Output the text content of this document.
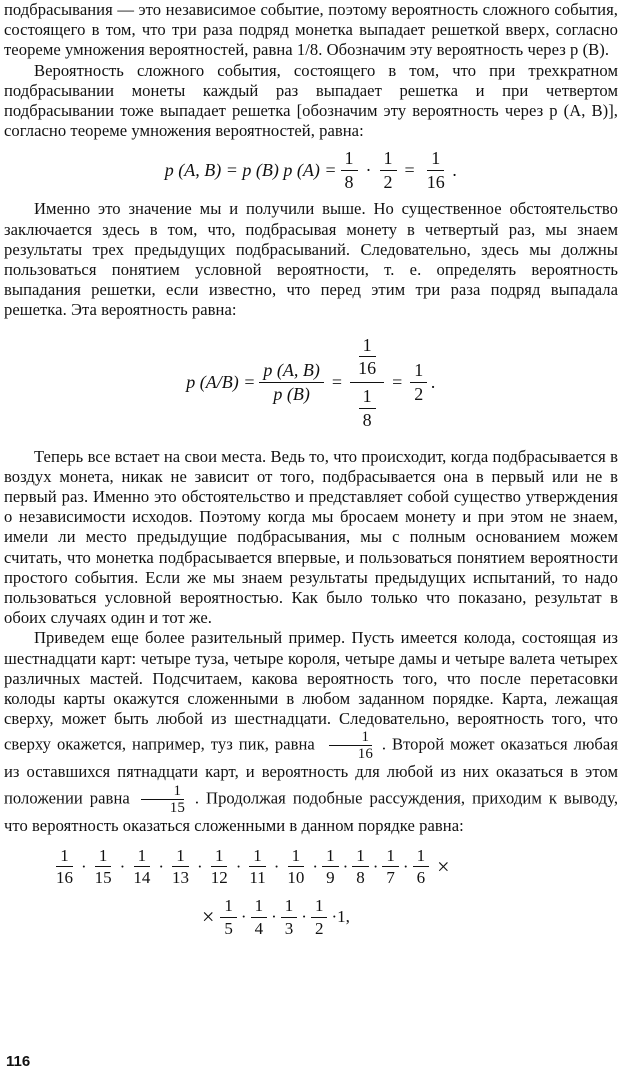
подбрасывания — это независимое событие, поэтому вероятность сложного события, состоящего в том, что три раза подряд монетка выпадает решеткой вверх, согласно теореме умножения вероятностей, равна 1/8. Обозначим эту вероятность через p (B).

Вероятность сложного события, состоящего в том, что при трехкратном подбрасывании монеты каждый раз выпадает решетка и при четвертом подбрасывании тоже выпадает решетка [обозначим эту вероятность через p (A, B)], согласно теореме умножения вероятностей, равна:

p (A, B) = p (B) p $(A) = \frac{1}{8} \cdot \frac{1}{2} = \frac{1}{16}$ .

Именно это значение мы и получили выше. Но существенное обстоятельство заключается здесь в том, что, подбрасывая монету в четвертый раз, мы знаем результаты трех предыдущих подбрасываний. Следовательно, здесь мы должны пользоваться понятием условной вероятности, т. е. определять вероятность выпадания решетки, если известно, что перед этим три раза подряд выпадала решетка. Эта вероятность равна:

p $(A/B) = \frac{p (A, B)}{p (B)} = \frac{\frac{1}{16}}{\frac{1}{8}} = \frac{1}{2}$ .

Теперь все встает на свои места. Ведь то, что происходит, когда подбрасывается в воздух монета, никак не зависит от того, подбрасывается она в первый или не в первый раз. Именно это обстоятельство и представляет собой существо утверждения о независимости исходов. Поэтому когда мы бросаем монету и при этом не знаем, имели ли место предыдущие подбрасывания, мы с полным основанием можем считать, что монетка подбрасывается впервые, и пользоваться понятием вероятности простого события. Если же мы знаем результаты предыдущих испытаний, то надо пользоваться условной вероятностью. Как было только что показано, результат в обоих случаях один и тот же.

Приведем еще более разительный пример. Пусть имеется колода, состоящая из шестнадцати карт: четыре туза, четыре короля, четыре дамы и четыре валета четырех различных мастей. Подсчитаем, какова вероятность того, что после перетасовки колоды карты окажутся сложенными в любом заданном порядке. Карта, лежащая сверху, может быть любой из шестнадцати. Следовательно, вероятность того, что сверху окажется, например, туз пик, равна $\frac{1}{16}$ . Второй может оказаться любая из оставшихся пятнадцати карт, и вероятность для любой из них оказаться в этом положении равна $\frac{1}{15}$ . Продолжая подобные рассуждения, приходим к выводу, что вероятность оказаться сложенными в данном порядке равна:

$\frac{1}{16} \cdot \frac{1}{15} \cdot \frac{1}{14} \cdot \frac{1}{13} \cdot \frac{1}{12} \cdot \frac{1}{11} \cdot \frac{1}{10} \cdot \frac{1}{9} \cdot \frac{1}{8} \cdot \frac{1}{7} \cdot \frac{1}{6}$ ×
× $\frac{1}{5} \cdot \frac{1}{4} \cdot \frac{1}{3} \cdot \frac{1}{2} \cdot 1$,
116
